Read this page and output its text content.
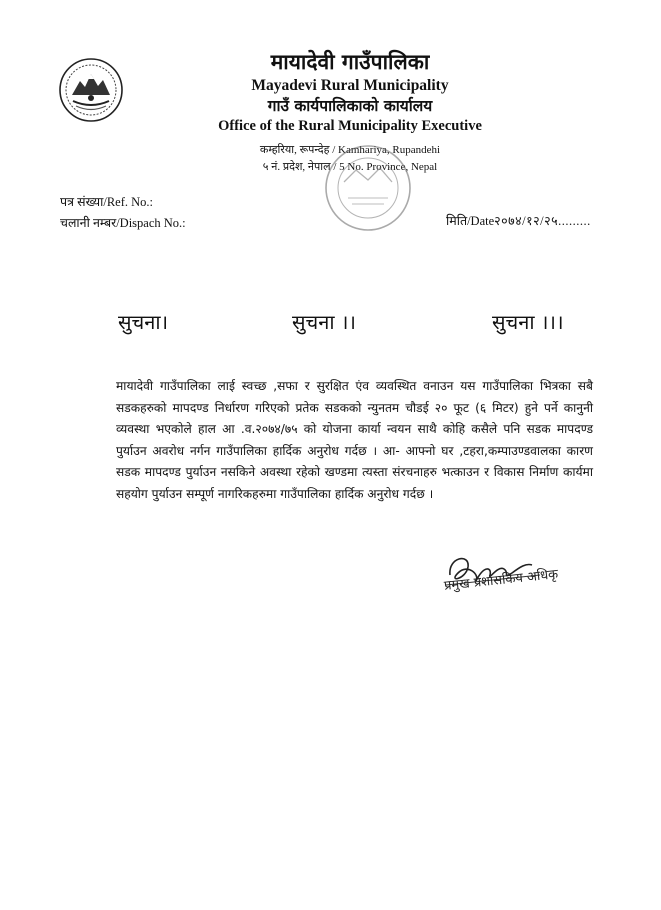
मायादेवी गाउँपालिका
Mayadevi Rural Municipality
गाउँ कार्यपालिकाको कार्यालय
Office of the Rural Municipality Executive
कम्हरिया, रूपन्देह / Kamhariya, Rupandehi
५ नं. प्रदेश, नेपाल / 5 No. Province, Nepal
पत्र संख्या/Ref. No.:
चलानी नम्बर/Dispach No.:	मिति/Date२०७४/१२/२५.........
सुचना।	सुचना ।।	सुचना ।।।
मायादेवी गाउँपालिका लाई स्वच्छ ,सफा र सुरक्षित एंव व्यवस्थित वनाउन यस गाउँपालिका भित्रका सबै सडकहरुको मापदण्ड निर्धारण गरिएको प्रतेक सडकको न्युनतम चौडई २० फूट (६ मिटर) हुने पर्ने कानुनी व्यवस्था भएकोले हाल आ .व.२०७४/७५ को योजना कार्या न्वयन साथै कोहि कसैले पनि सडक मापदण्ड पुर्याउन अवरोध नर्गन गाउँपालिका हार्दिक अनुरोध गर्दछ । आ- आफ्नो घर ,टहरा,कम्पाउण्डवालका कारण सडक मापदण्ड पुर्याउन नसकिने अवस्था रहेको खण्डमा त्यस्ता संरचनाहरु भत्काउन र विकास निर्माण कार्यमा सहयोग पुर्याउन सम्पूर्ण नागरिकहरुमा गाउँपालिका हार्दिक अनुरोध गर्दछ ।
प्रमुख प्रशासकिय अधिकृ
